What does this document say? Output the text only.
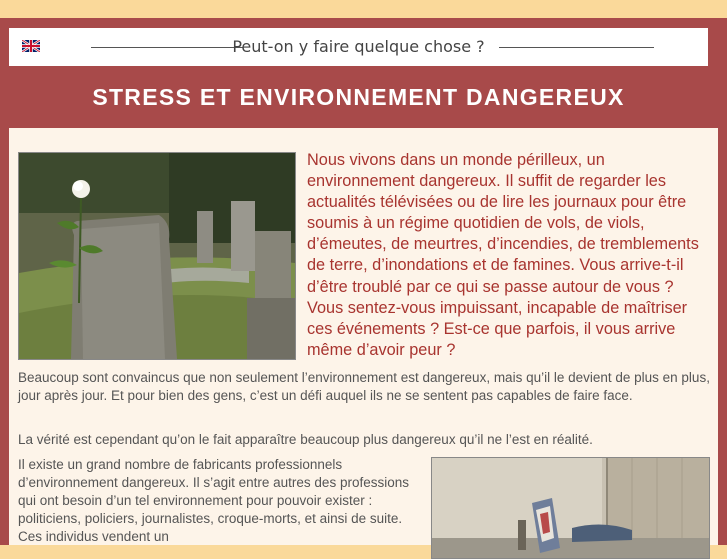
Peut-on y faire quelque chose ?
STRESS ET ENVIRONNEMENT DANGEREUX
Nous vivons dans un monde périlleux, un environnement dangereux. Il suffit de regarder les actualités télévisées ou de lire les journaux pour être soumis à un régime quotidien de vols, de viols, d’émeutes, de meurtres, d’incendies, de tremblements de terre, d’inondations et de famines. Vous arrive-t-il d’être troublé par ce qui se passe autour de vous ? Vous sentez-vous impuissant, incapable de maîtriser ces événements ? Est-ce que parfois, il vous arrive même d’avoir peur ?
Beaucoup sont convaincus que non seulement l’environnement est dangereux, mais qu’il le devient de plus en plus, jour après jour. Et pour bien des gens, c’est un défi auquel ils ne se sentent pas capables de faire face.
La vérité est cependant qu’on le fait apparaître beaucoup plus dangereux qu’il ne l’est en réalité.
Il existe un grand nombre de fabricants professionnels d’environnement dangereux. Il s’agit entre autres des professions qui ont besoin d’un tel environnement pour pouvoir exister : politiciens, policiers, journalistes, croque-morts, et ainsi de suite. Ces individus vendent un
